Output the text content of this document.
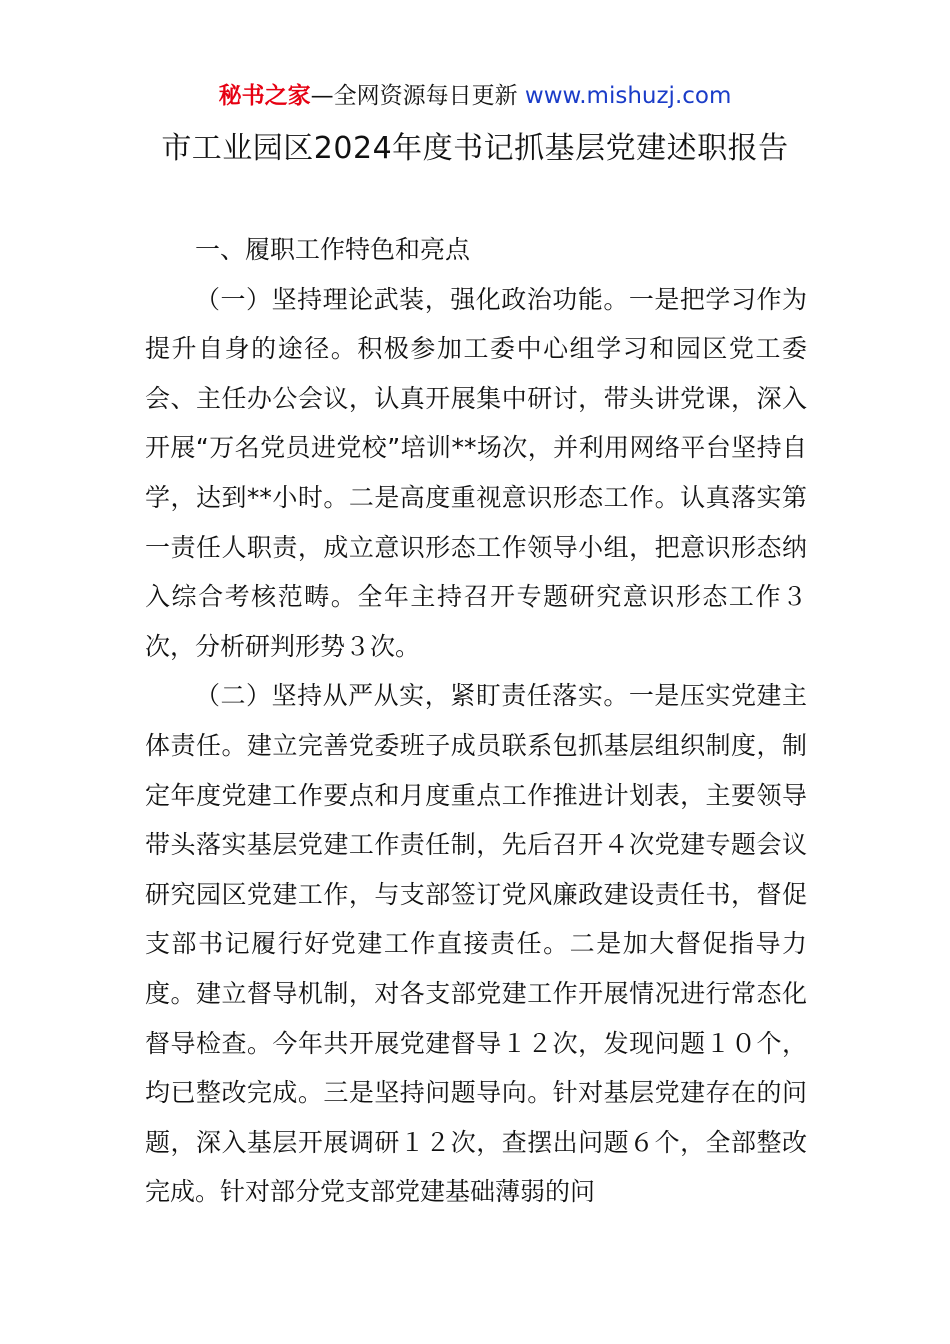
秘书之家—全网资源每日更新 www.mishuzj.com
市工业园区2024年度书记抓基层党建述职报告

一、履职工作特色和亮点

（一）坚持理论武装，强化政治功能。一是把学习作为提升自身的途径。积极参加工委中心组学习和园区党工委会、主任办公会议，认真开展集中研讨，带头讲党课，深入开展“万名党员进党校”培训**场次，并利用网络平台坚持自学，达到**小时。二是高度重视意识形态工作。认真落实第一责任人职责，成立意识形态工作领导小组，把意识形态纳入综合考核范畴。全年主持召开专题研究意识形态工作３次，分析研判形势３次。

（二）坚持从严从实，紧盯责任落实。一是压实党建主体责任。建立完善党委班子成员联系包抓基层组织制度，制定年度党建工作要点和月度重点工作推进计划表，主要领导带头落实基层党建工作责任制，先后召开４次党建专题会议研究园区党建工作，与支部签订党风廉政建设责任书，督促支部书记履行好党建工作直接责任。二是加大督促指导力度。建立督导机制，对各支部党建工作开展情况进行常态化督导检查。今年共开展党建督导１２次，发现问题１０个，均已整改完成。三是坚持问题导向。针对基层党建存在的问题，深入基层开展调研１２次，查摆出问题６个，全部整改完成。针对部分党支部党建基础薄弱的问
